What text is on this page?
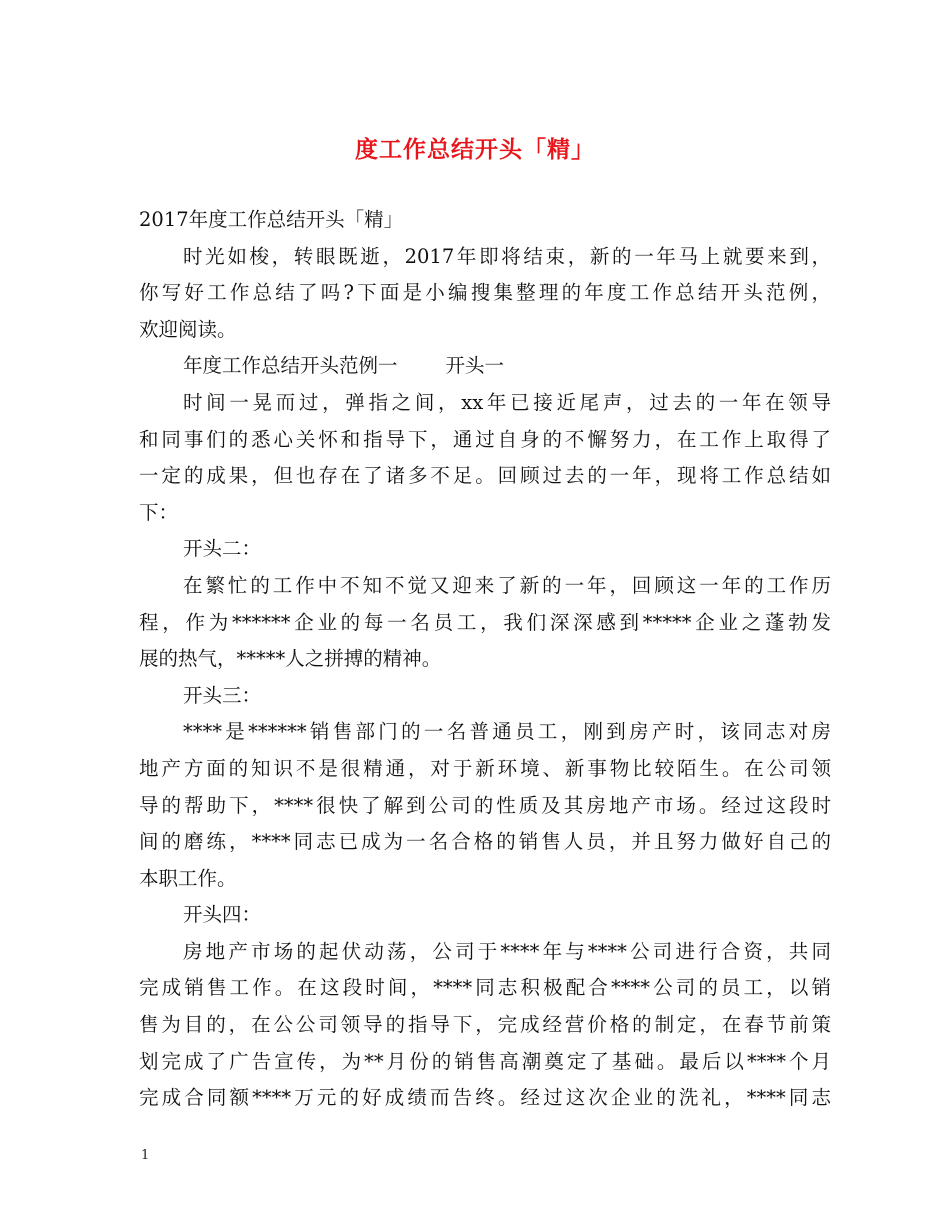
度工作总结开头「精」
2017年度工作总结开头「精」
时光如梭，转眼既逝，2017年即将结束，新的一年马上就要来到，
你写好工作总结了吗?下面是小编搜集整理的年度工作总结开头范例，
欢迎阅读。
年度工作总结开头范例一 开头一
时间一晃而过，弹指之间，xx年已接近尾声，过去的一年在领导
和同事们的悉心关怀和指导下，通过自身的不懈努力，在工作上取得了
一定的成果，但也存在了诸多不足。回顾过去的一年，现将工作总结如
下：
开头二：
在繁忙的工作中不知不觉又迎来了新的一年，回顾这一年的工作历
程，作为******企业的每一名员工，我们深深感到*****企业之蓬勃发
展的热气，*****人之拼搏的精神。
开头三：
****是******销售部门的一名普通员工，刚到房产时，该同志对房
地产方面的知识不是很精通，对于新环境、新事物比较陌生。在公司领
导的帮助下，****很快了解到公司的性质及其房地产市场。经过这段时
间的磨练，****同志已成为一名合格的销售人员，并且努力做好自己的
本职工作。
开头四：
房地产市场的起伏动荡，公司于****年与****公司进行合资，共同
完成销售工作。在这段时间，****同志积极配合****公司的员工，以销
售为目的，在公公司领导的指导下，完成经营价格的制定，在春节前策
划完成了广告宣传，为**月份的销售高潮奠定了基础。最后以****个月
完成合同额****万元的好成绩而告终。经过这次企业的洗礼，****同志
1
